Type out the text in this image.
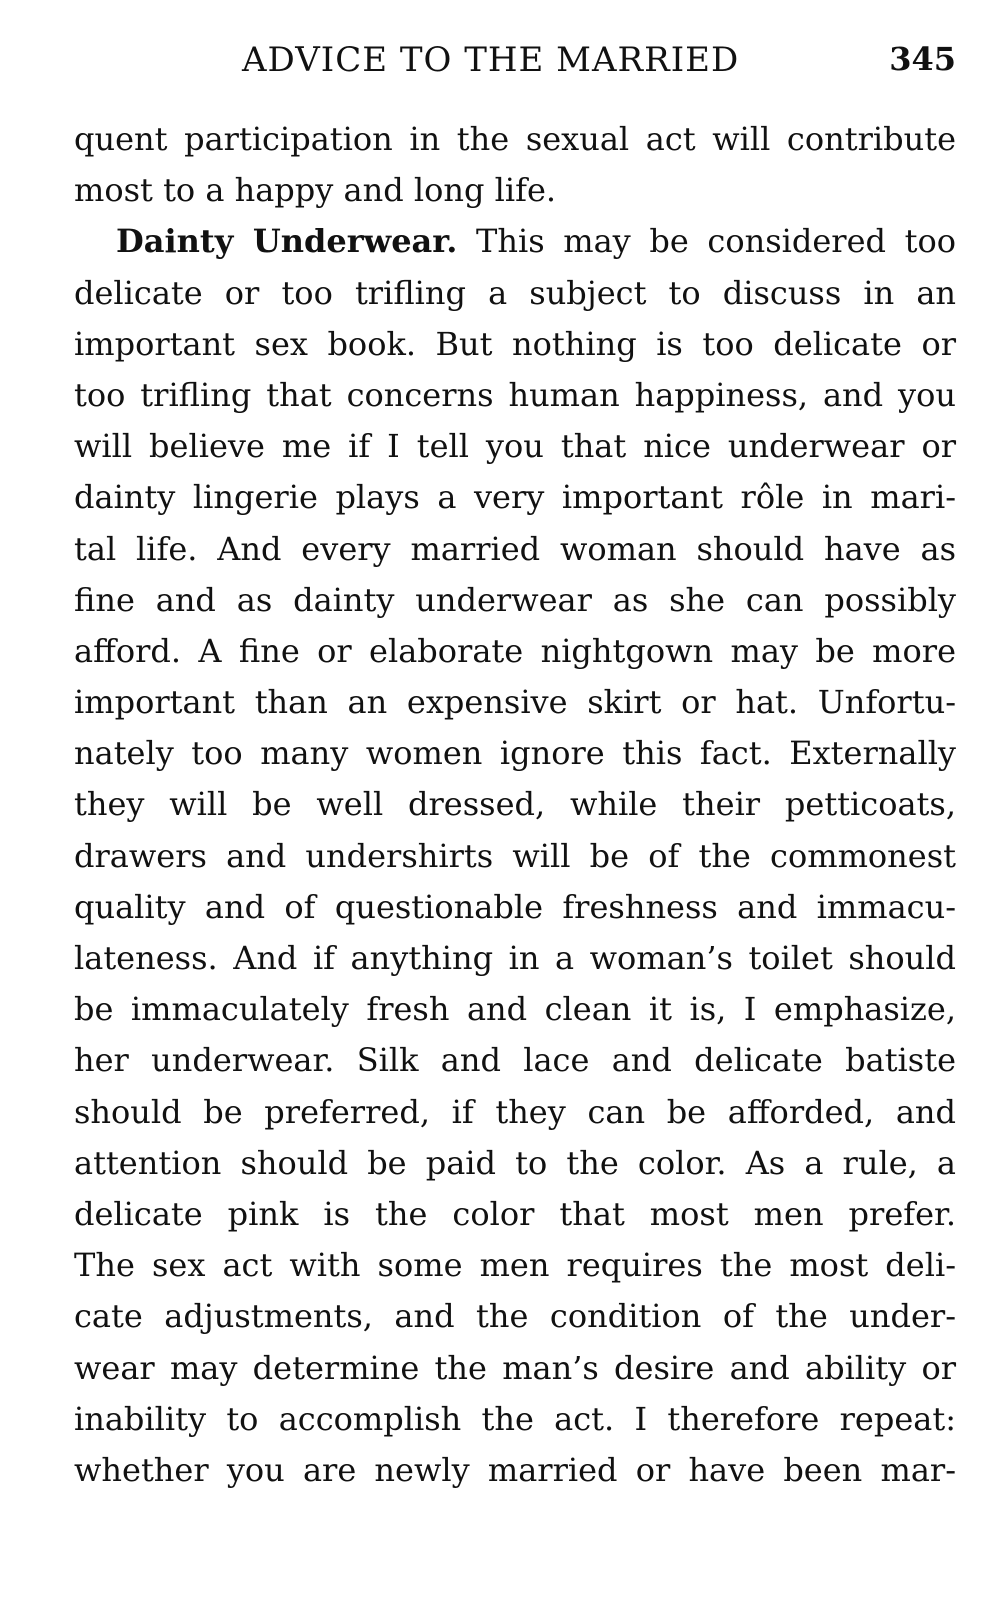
ADVICE TO THE MARRIED	345
quent participation in the sexual act will contribute
most to a happy and long life.
Dainty Underwear. This may be considered too
delicate or too trifling a subject to discuss in an
important sex book. But nothing is too delicate or
too trifling that concerns human happiness, and you
will believe me if I tell you that nice underwear or
dainty lingerie plays a very important rôle in mari-
tal life. And every married woman should have as
fine and as dainty underwear as she can possibly
afford. A fine or elaborate nightgown may be more
important than an expensive skirt or hat. Unfortu-
nately too many women ignore this fact. Externally
they will be well dressed, while their petticoats,
drawers and undershirts will be of the commonest
quality and of questionable freshness and immacu-
lateness. And if anything in a woman’s toilet should
be immaculately fresh and clean it is, I emphasize,
her underwear. Silk and lace and delicate batiste
should be preferred, if they can be afforded, and
attention should be paid to the color. As a rule, a
delicate pink is the color that most men prefer.
The sex act with some men requires the most deli-
cate adjustments, and the condition of the under-
wear may determine the man’s desire and ability or
inability to accomplish the act. I therefore repeat:
whether you are newly married or have been mar-
